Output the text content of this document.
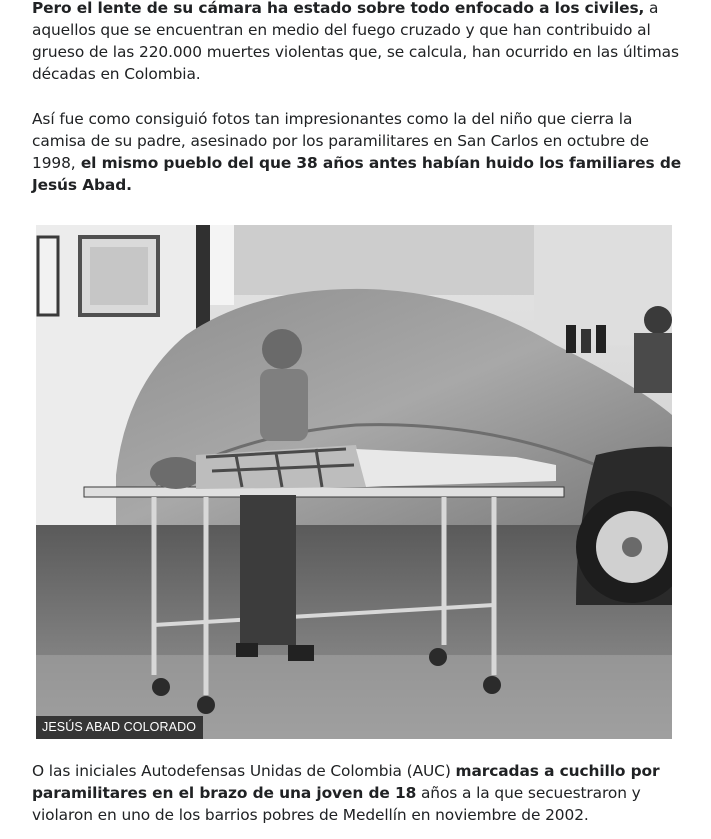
Pero el lente de su cámara ha estado sobre todo enfocado a los civiles, a aquellos que se encuentran en medio del fuego cruzado y que han contribuido al grueso de las 220.000 muertes violentas que, se calcula, han ocurrido en las últimas décadas en Colombia.

Así fue como consiguió fotos tan impresionantes como la del niño que cierra la camisa de su padre, asesinado por los paramilitares en San Carlos en octubre de 1998, el mismo pueblo del que 38 años antes habían huido los familiares de Jesús Abad.

O las iniciales Autodefensas Unidas de Colombia (AUC) marcadas a cuchillo por paramilitares en el brazo de una joven de 18 años a la que secuestraron y violaron en uno de los barrios pobres de Medellín en noviembre de 2002.

JESÚS ABAD COLORADO
